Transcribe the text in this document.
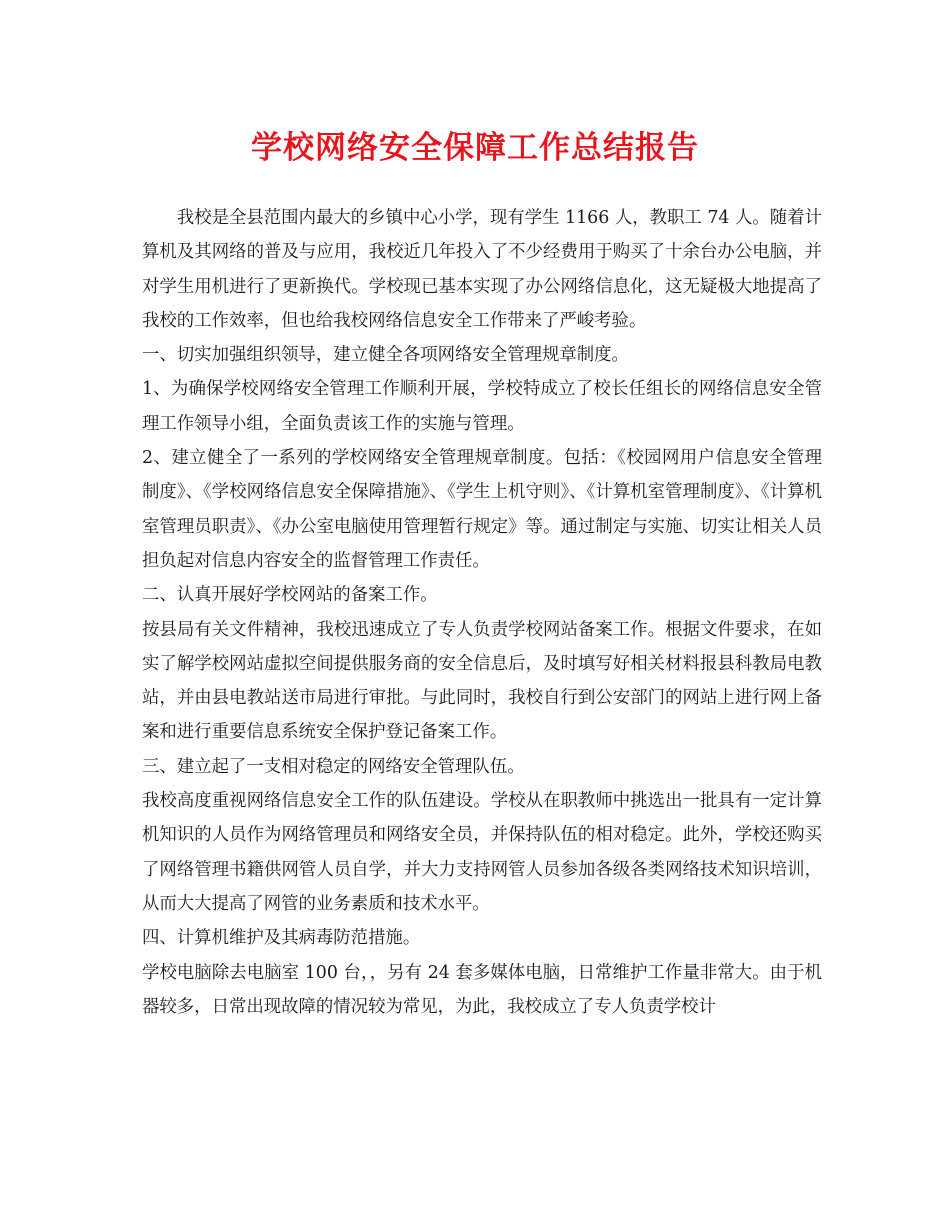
学校网络安全保障工作总结报告

我校是全县范围内最大的乡镇中心小学，现有学生 1166 人，教职工 74 人。随着计算机及其网络的普及与应用，我校近几年投入了不少经费用于购买了十余台办公电脑，并对学生用机进行了更新换代。学校现已基本实现了办公网络信息化，这无疑极大地提高了我校的工作效率，但也给我校网络信息安全工作带来了严峻考验。

一、切实加强组织领导，建立健全各项网络安全管理规章制度。

1、为确保学校网络安全管理工作顺利开展，学校特成立了校长任组长的网络信息安全管理工作领导小组，全面负责该工作的实施与管理。

2、建立健全了一系列的学校网络安全管理规章制度。包括：《校园网用户信息安全管理制度》、《学校网络信息安全保障措施》、《学生上机守则》、《计算机室管理制度》、《计算机室管理员职责》、《办公室电脑使用管理暂行规定》等。通过制定与实施、切实让相关人员担负起对信息内容安全的监督管理工作责任。

二、认真开展好学校网站的备案工作。

按县局有关文件精神，我校迅速成立了专人负责学校网站备案工作。根据文件要求，在如实了解学校网站虚拟空间提供服务商的安全信息后，及时填写好相关材料报县科教局电教站，并由县电教站送市局进行审批。与此同时，我校自行到公安部门的网站上进行网上备案和进行重要信息系统安全保护登记备案工作。

三、建立起了一支相对稳定的网络安全管理队伍。

我校高度重视网络信息安全工作的队伍建设。学校从在职教师中挑选出一批具有一定计算机知识的人员作为网络管理员和网络安全员，并保持队伍的相对稳定。此外，学校还购买了网络管理书籍供网管人员自学，并大力支持网管人员参加各级各类网络技术知识培训，从而大大提高了网管的业务素质和技术水平。

四、计算机维护及其病毒防范措施。

学校电脑除去电脑室 100 台，，另有 24 套多媒体电脑，日常维护工作量非常大。由于机器较多，日常出现故障的情况较为常见，为此，我校成立了专人负责学校计
